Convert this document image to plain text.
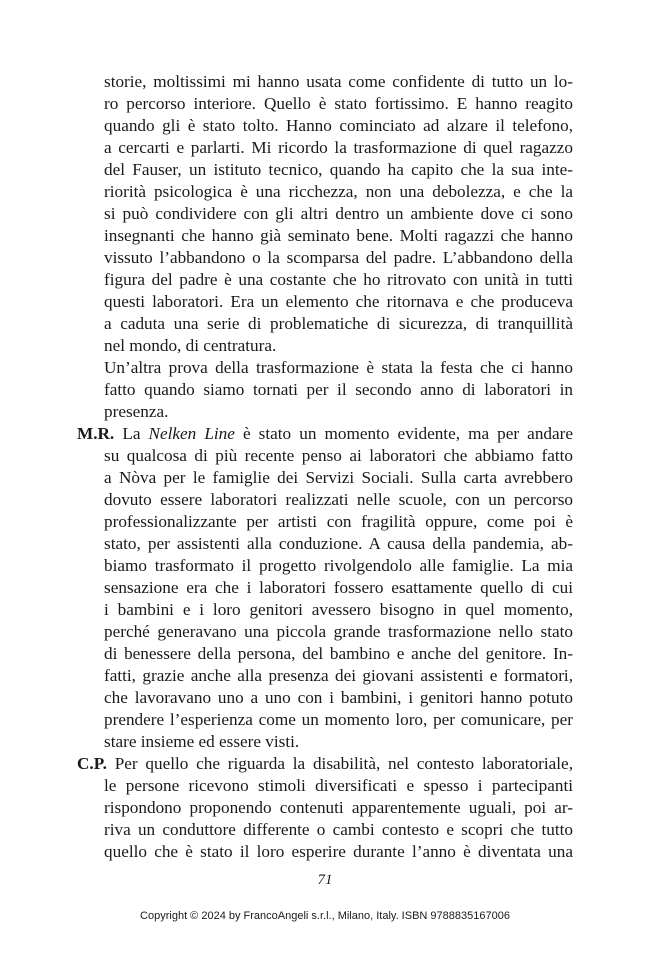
storie, moltissimi mi hanno usata come confidente di tutto un lo-

ro percorso interiore. Quello è stato fortissimo. E hanno reagito

quando gli è stato tolto. Hanno cominciato ad alzare il telefono,

a cercarti e parlarti. Mi ricordo la trasformazione di quel ragazzo

del Fauser, un istituto tecnico, quando ha capito che la sua inte-

riorità psicologica è una ricchezza, non una debolezza, e che la

si può condividere con gli altri dentro un ambiente dove ci sono

insegnanti che hanno già seminato bene. Molti ragazzi che hanno

vissuto l’abbandono o la scomparsa del padre. L’abbandono della

figura del padre è una costante che ho ritrovato con unità in tutti

questi laboratori. Era un elemento che ritornava e che produceva

a caduta una serie di problematiche di sicurezza, di tranquillità

nel mondo, di centratura.

Un’altra prova della trasformazione è stata la festa che ci hanno

fatto quando siamo tornati per il secondo anno di laboratori in

presenza.

M.R. La Nelken Line è stato un momento evidente, ma per andare

su qualcosa di più recente penso ai laboratori che abbiamo fatto

a Nòva per le famiglie dei Servizi Sociali. Sulla carta avrebbero

dovuto essere laboratori realizzati nelle scuole, con un percorso

professionalizzante per artisti con fragilità oppure, come poi è

stato, per assistenti alla conduzione. A causa della pandemia, ab-

biamo trasformato il progetto rivolgendolo alle famiglie. La mia

sensazione era che i laboratori fossero esattamente quello di cui

i bambini e i loro genitori avessero bisogno in quel momento,

perché generavano una piccola grande trasformazione nello stato

di benessere della persona, del bambino e anche del genitore. In-

fatti, grazie anche alla presenza dei giovani assistenti e formatori,

che lavoravano uno a uno con i bambini, i genitori hanno potuto

prendere l’esperienza come un momento loro, per comunicare, per

stare insieme ed essere visti.

C.P. Per quello che riguarda la disabilità, nel contesto laboratoriale,

le persone ricevono stimoli diversificati e spesso i partecipanti

rispondono proponendo contenuti apparentemente uguali, poi ar-

riva un conduttore differente o cambi contesto e scopri che tutto

quello che è stato il loro esperire durante l’anno è diventata una

71
Copyright © 2024 by FrancoAngeli s.r.l., Milano, Italy. ISBN 9788835167006
